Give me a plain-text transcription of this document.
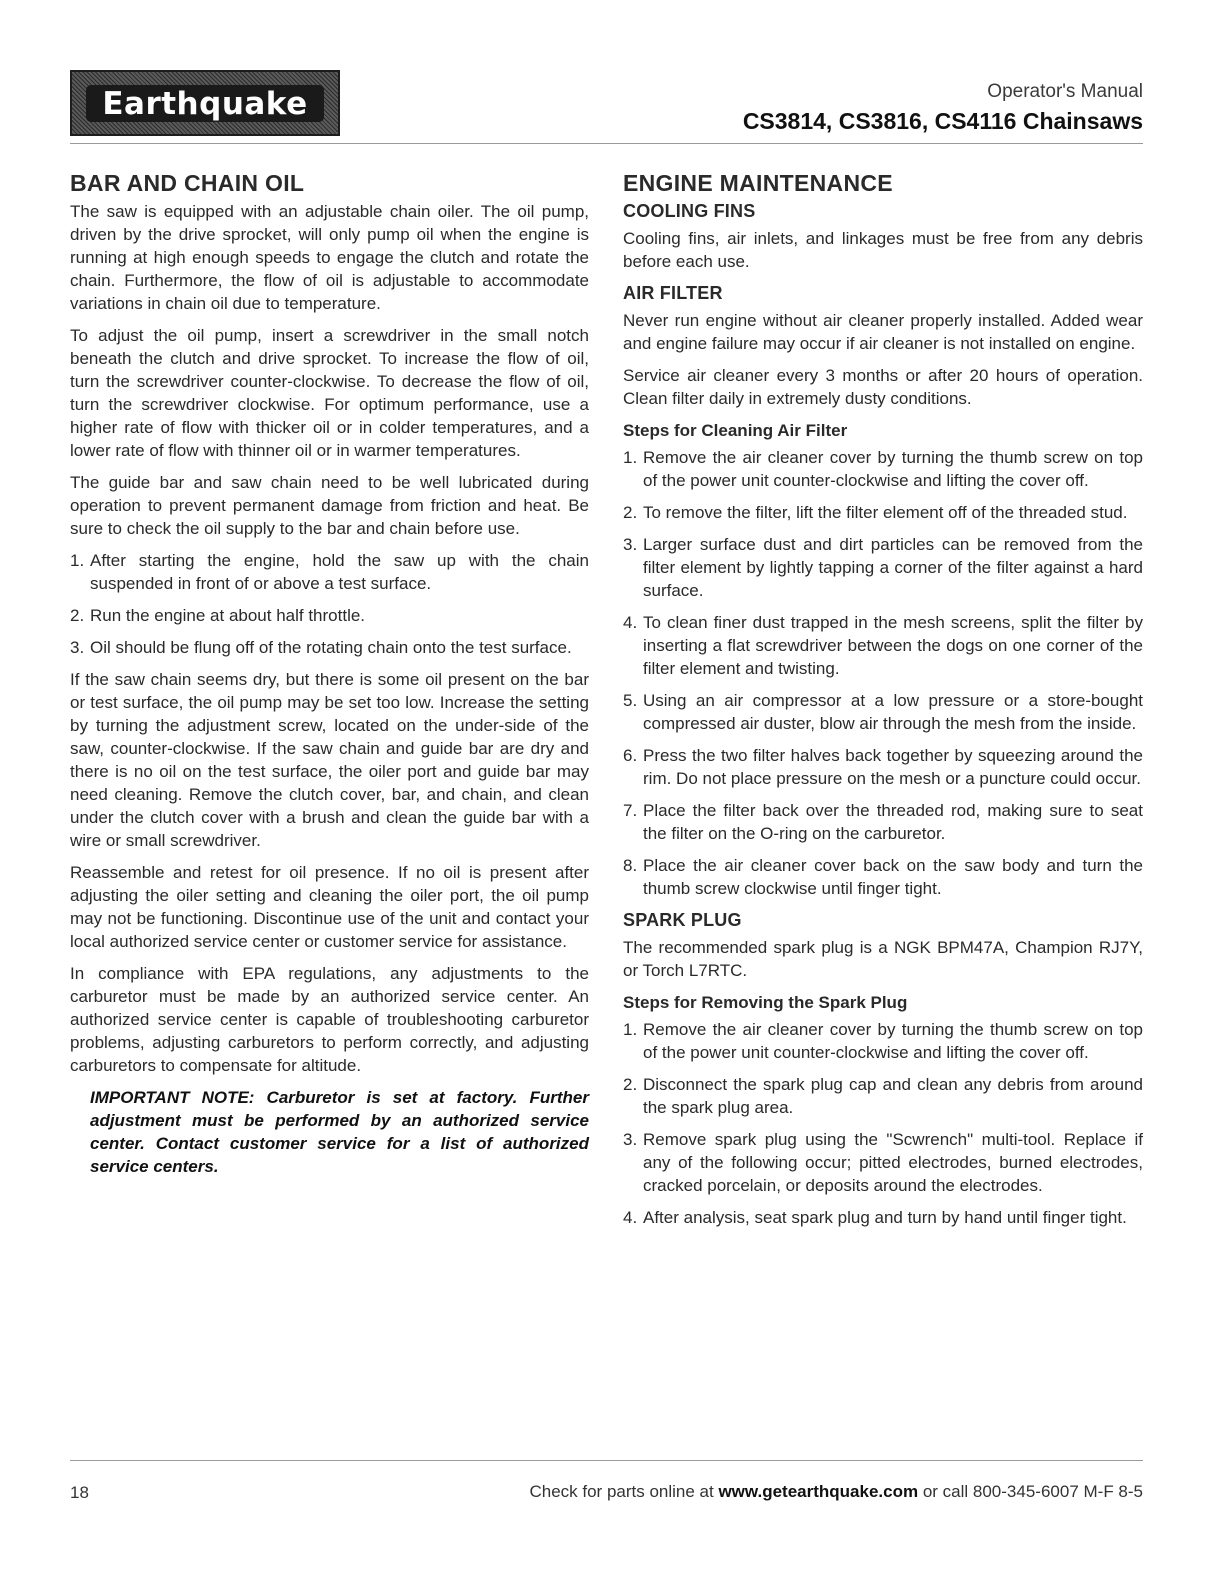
Earthquake	Operator's Manual
CS3814, CS3816, CS4116 Chainsaws
BAR AND CHAIN OIL

The saw is equipped with an adjustable chain oiler. The oil pump, driven by the drive sprocket, will only pump oil when the engine is running at high enough speeds to engage the clutch and rotate the chain. Furthermore, the flow of oil is adjustable to accommodate variations in chain oil due to temperature.

To adjust the oil pump, insert a screwdriver in the small notch beneath the clutch and drive sprocket. To increase the flow of oil, turn the screwdriver counter-clockwise. To decrease the flow of oil, turn the screwdriver clockwise. For optimum performance, use a higher rate of flow with thicker oil or in colder temperatures, and a lower rate of flow with thinner oil or in warmer temperatures.

The guide bar and saw chain need to be well lubricated during operation to prevent permanent damage from friction and heat. Be sure to check the oil supply to the bar and chain before use.

1. After starting the engine, hold the saw up with the chain suspended in front of or above a test surface.
2. Run the engine at about half throttle.
3. Oil should be flung off of the rotating chain onto the test surface.

If the saw chain seems dry, but there is some oil present on the bar or test surface, the oil pump may be set too low. Increase the setting by turning the adjustment screw, located on the under-side of the saw, counter-clockwise. If the saw chain and guide bar are dry and there is no oil on the test surface, the oiler port and guide bar may need cleaning. Remove the clutch cover, bar, and chain, and clean under the clutch cover with a brush and clean the guide bar with a wire or small screwdriver.

Reassemble and retest for oil presence. If no oil is present after adjusting the oiler setting and cleaning the oiler port, the oil pump may not be functioning. Discontinue use of the unit and contact your local authorized service center or customer service for assistance.

In compliance with EPA regulations, any adjustments to the carburetor must be made by an authorized service center. An authorized service center is capable of troubleshooting carburetor problems, adjusting carburetors to perform correctly, and adjusting carburetors to compensate for altitude.

IMPORTANT NOTE: Carburetor is set at factory. Further adjustment must be performed by an authorized service center. Contact customer service for a list of authorized service centers.

ENGINE MAINTENANCE
COOLING FINS

Cooling fins, air inlets, and linkages must be free from any debris before each use.

AIR FILTER

Never run engine without air cleaner properly installed. Added wear and engine failure may occur if air cleaner is not installed on engine.

Service air cleaner every 3 months or after 20 hours of operation. Clean filter daily in extremely dusty conditions.

Steps for Cleaning Air Filter
1. Remove the air cleaner cover by turning the thumb screw on top of the power unit counter-clockwise and lifting the cover off.
2. To remove the filter, lift the filter element off of the threaded stud.
3. Larger surface dust and dirt particles can be removed from the filter element by lightly tapping a corner of the filter against a hard surface.
4. To clean finer dust trapped in the mesh screens, split the filter by inserting a flat screwdriver between the dogs on one corner of the filter element and twisting.
5. Using an air compressor at a low pressure or a store-bought compressed air duster, blow air through the mesh from the inside.
6. Press the two filter halves back together by squeezing around the rim. Do not place pressure on the mesh or a puncture could occur.
7. Place the filter back over the threaded rod, making sure to seat the filter on the O-ring on the carburetor.
8. Place the air cleaner cover back on the saw body and turn the thumb screw clockwise until finger tight.
SPARK PLUG

The recommended spark plug is a NGK BPM47A, Champion RJ7Y, or Torch L7RTC.

Steps for Removing the Spark Plug
1. Remove the air cleaner cover by turning the thumb screw on top of the power unit counter-clockwise and lifting the cover off.
2. Disconnect the spark plug cap and clean any debris from around the spark plug area.
3. Remove spark plug using the "Scwrench" multi-tool. Replace if any of the following occur; pitted electrodes, burned electrodes, cracked porcelain, or deposits around the electrodes.
4. After analysis, seat spark plug and turn by hand until finger tight.
18	Check for parts online at www.getearthquake.com or call 800-345-6007 M-F 8-5
